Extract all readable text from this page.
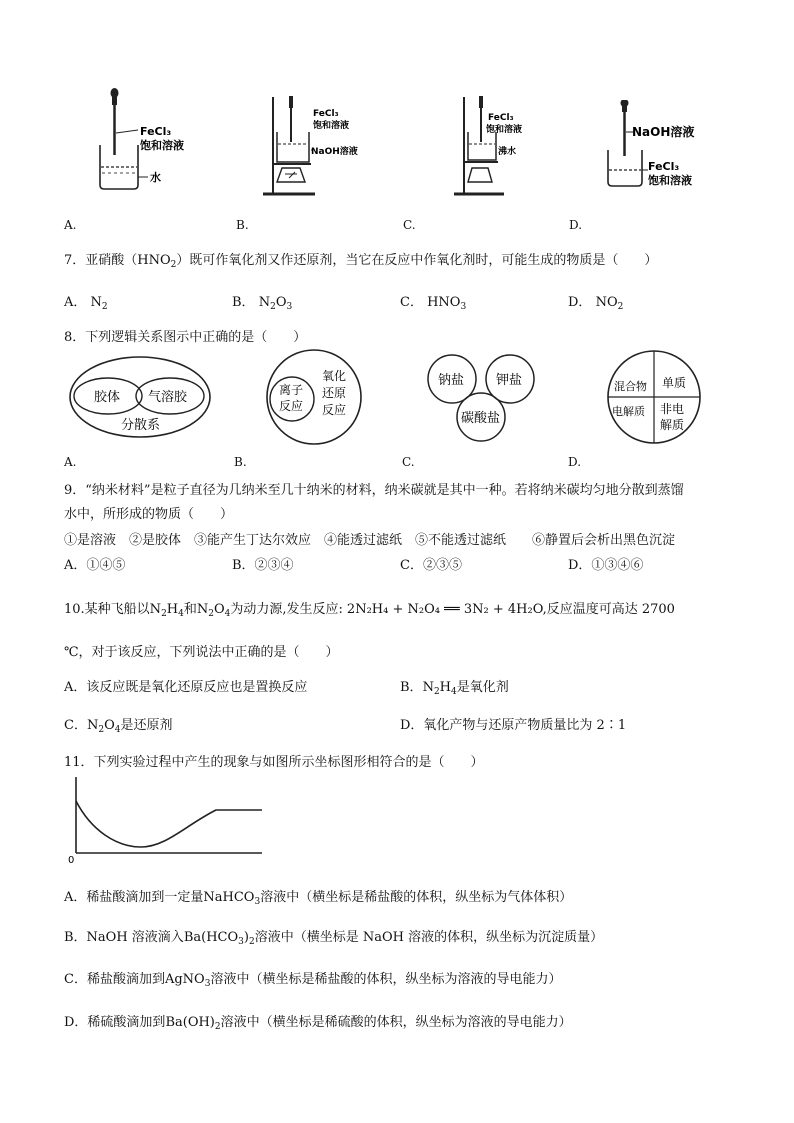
FeCl₃
饱和溶液
水
A.
FeCl₃
饱和溶液
NaOH溶液
B.
FeCl₃
饱和溶液
沸水
C.
NaOH溶液
FeCl₃
饱和溶液
D.
7．亚硝酸$(HNO_2)$既可作氧化剂又作还原剂，当它在反应中作氧化剂时，可能生成的物质是（　　）
A． $N_2$	B． $N_2O_3$	C． $HNO_3$	D． $NO_2$
8．下列逻辑关系图示中正确的是（　　）
胶体 气溶胶
分散系
A.
离子
反应
氧化
还原
反应
B.
钠盐 钾盐
碳酸盐
C.
混合物 单质
电解质 非电
解质
D.
9．“纳米材料”是粒子直径为几纳米至几十纳米的材料，纳米碳就是其中一种。若将纳米碳均匀地分散到蒸馏
水中，所形成的物质（　　）
①是溶液　②是胶体　③能产生丁达尔效应　④能透过滤纸　⑤不能透过滤纸　　⑥静置后会析出黑色沉淀
A．①④⑤	B．②③④	C．②③⑤	D．①③④⑥
10.某种飞船以$N_2H_4$和$N_2O_4$为动力源,发生反应: 2N₂H₄ + N₂O₄ ══ 3N₂ + 4H₂O,反应温度可高达 2700
℃，对于该反应，下列说法中正确的是（　　）
A．该反应既是氧化还原反应也是置换反应	B．$N_2H_4$是氧化剂
C．$N_2O_4$是还原剂	D．氧化产物与还原产物质量比为 2∶1
11．下列实验过程中产生的现象与如图所示坐标图形相符合的是（　　）
0
A．稀盐酸滴加到一定量NaHCO$_3$溶液中（横坐标是稀盐酸的体积，纵坐标为气体体积）
B．NaOH 溶液滴入$Ba(HCO_3)_2$溶液中（横坐标是 NaOH 溶液的体积，纵坐标为沉淀质量）
C．稀盐酸滴加到AgNO$_3$溶液中（横坐标是稀盐酸的体积，纵坐标为溶液的导电能力）
D．稀硫酸滴加到$Ba(OH)_2$溶液中（横坐标是稀硫酸的体积，纵坐标为溶液的导电能力）
